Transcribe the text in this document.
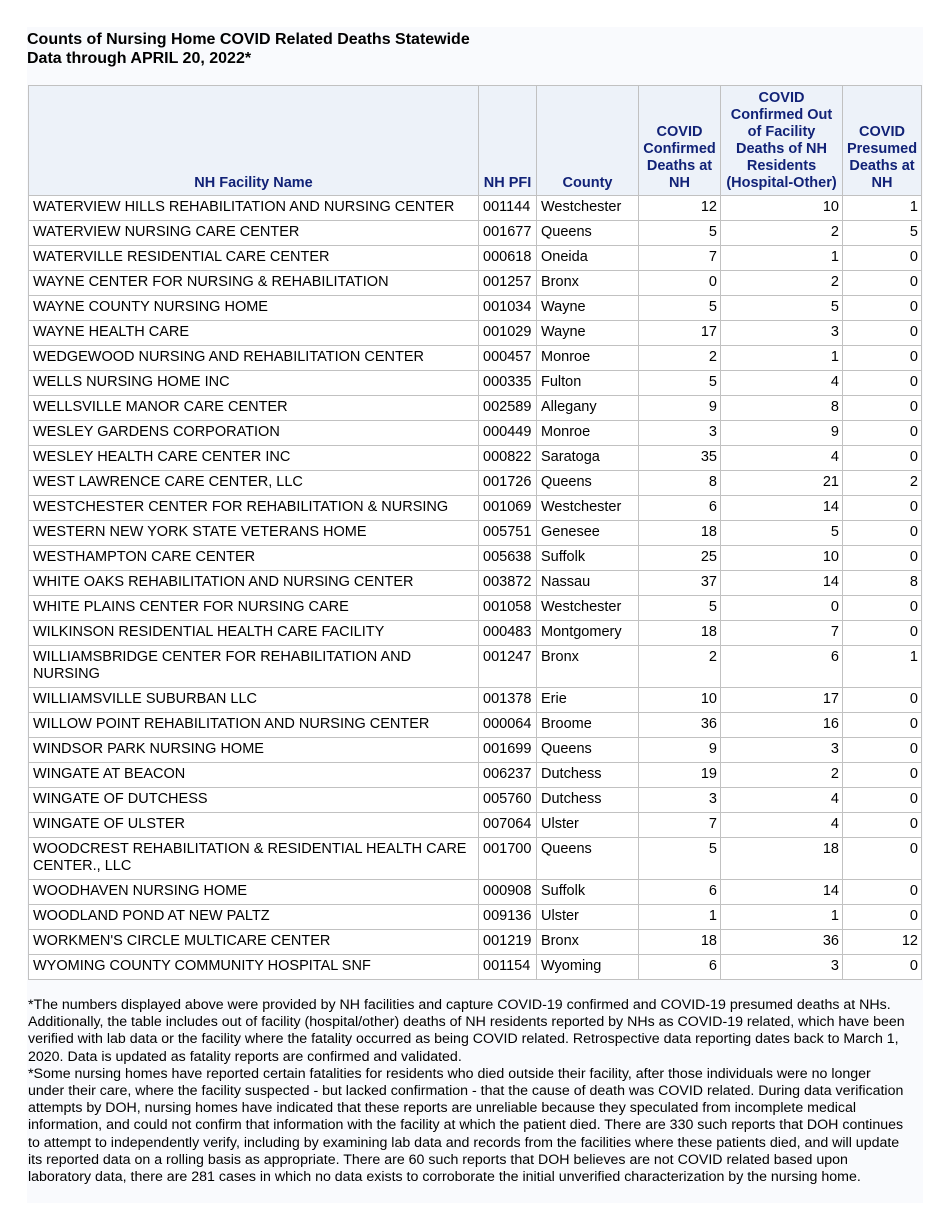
Counts of Nursing Home COVID Related Deaths Statewide
Data through APRIL 20, 2022*
NH Facility Name	NH PFI	County	COVID Confirmed Deaths at NH	COVID Confirmed Out of Facility Deaths of NH Residents (Hospital-Other)	COVID Presumed Deaths at NH
WATERVIEW HILLS REHABILITATION AND NURSING CENTER	001144	Westchester	12	10	1
WATERVIEW NURSING CARE CENTER	001677	Queens	5	2	5
WATERVILLE RESIDENTIAL CARE CENTER	000618	Oneida	7	1	0
WAYNE CENTER FOR NURSING & REHABILITATION	001257	Bronx	0	2	0
WAYNE COUNTY NURSING HOME	001034	Wayne	5	5	0
WAYNE HEALTH CARE	001029	Wayne	17	3	0
WEDGEWOOD NURSING AND REHABILITATION CENTER	000457	Monroe	2	1	0
WELLS NURSING HOME INC	000335	Fulton	5	4	0
WELLSVILLE MANOR CARE CENTER	002589	Allegany	9	8	0
WESLEY GARDENS CORPORATION	000449	Monroe	3	9	0
WESLEY HEALTH CARE CENTER INC	000822	Saratoga	35	4	0
WEST LAWRENCE CARE CENTER, LLC	001726	Queens	8	21	2
WESTCHESTER CENTER FOR REHABILITATION & NURSING	001069	Westchester	6	14	0
WESTERN NEW YORK STATE VETERANS HOME	005751	Genesee	18	5	0
WESTHAMPTON CARE CENTER	005638	Suffolk	25	10	0
WHITE OAKS REHABILITATION AND NURSING CENTER	003872	Nassau	37	14	8
WHITE PLAINS CENTER FOR NURSING CARE	001058	Westchester	5	0	0
WILKINSON RESIDENTIAL HEALTH CARE FACILITY	000483	Montgomery	18	7	0
WILLIAMSBRIDGE CENTER FOR REHABILITATION AND NURSING	001247	Bronx	2	6	1
WILLIAMSVILLE SUBURBAN LLC	001378	Erie	10	17	0
WILLOW POINT REHABILITATION AND NURSING CENTER	000064	Broome	36	16	0
WINDSOR PARK NURSING HOME	001699	Queens	9	3	0
WINGATE AT BEACON	006237	Dutchess	19	2	0
WINGATE OF DUTCHESS	005760	Dutchess	3	4	0
WINGATE OF ULSTER	007064	Ulster	7	4	0
WOODCREST REHABILITATION & RESIDENTIAL HEALTH CARE CENTER., LLC	001700	Queens	5	18	0
WOODHAVEN NURSING HOME	000908	Suffolk	6	14	0
WOODLAND POND AT NEW PALTZ	009136	Ulster	1	1	0
WORKMEN'S CIRCLE MULTICARE CENTER	001219	Bronx	18	36	12
WYOMING COUNTY COMMUNITY HOSPITAL SNF	001154	Wyoming	6	3	0

*The numbers displayed above were provided by NH facilities and capture COVID-19 confirmed and COVID-19 presumed deaths at NHs. Additionally, the table includes out of facility (hospital/other) deaths of NH residents reported by NHs as COVID-19 related, which have been verified with lab data or the facility where the fatality occurred as being COVID related. Retrospective data reporting dates back to March 1, 2020. Data is updated as fatality reports are confirmed and validated.

*Some nursing homes have reported certain fatalities for residents who died outside their facility, after those individuals were no longer under their care, where the facility suspected - but lacked confirmation - that the cause of death was COVID related. During data verification attempts by DOH, nursing homes have indicated that these reports are unreliable because they speculated from incomplete medical information, and could not confirm that information with the facility at which the patient died. There are 330 such reports that DOH continues to attempt to independently verify, including by examining lab data and records from the facilities where these patients died, and will update its reported data on a rolling basis as appropriate. There are 60 such reports that DOH believes are not COVID related based upon laboratory data, there are 281 cases in which no data exists to corroborate the initial unverified characterization by the nursing home.
